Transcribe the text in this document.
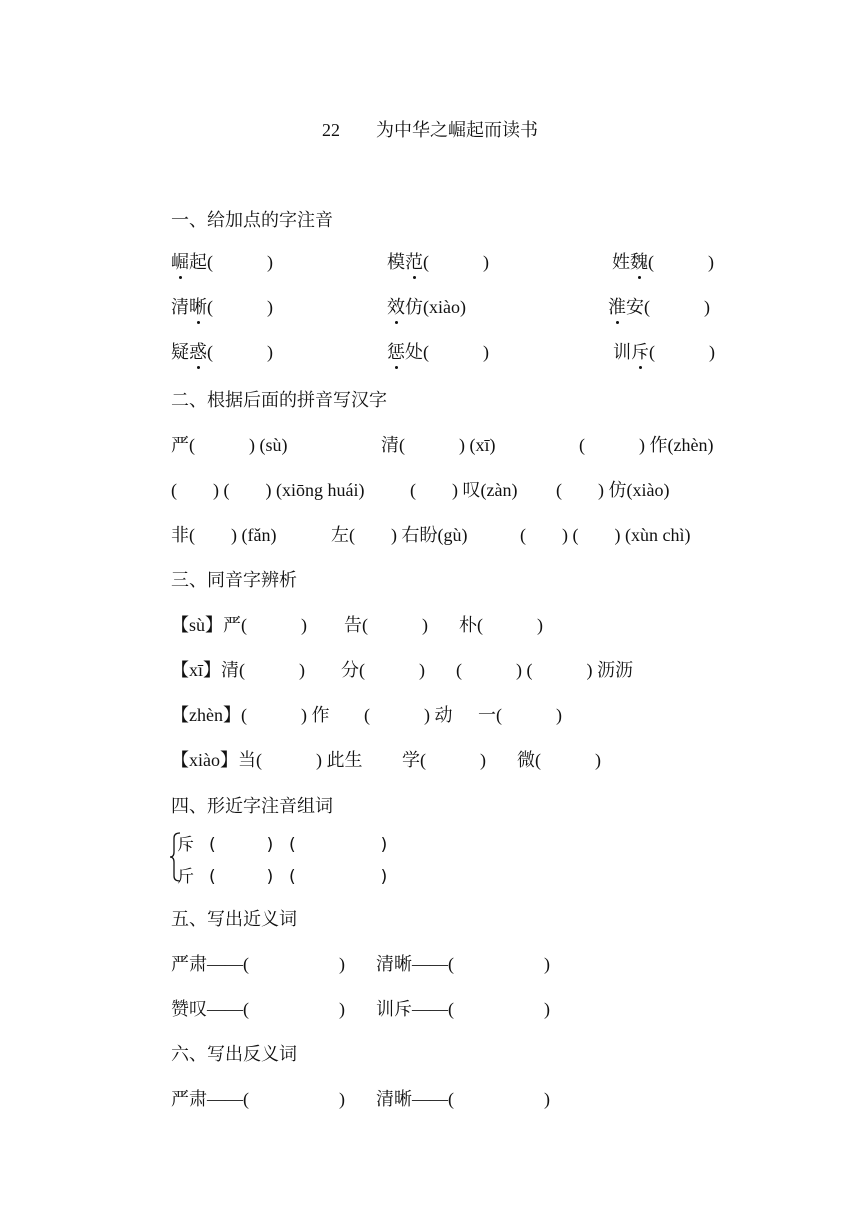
22 为中华之崛起而读书
一、给加点的字注音
崛起(　　　)	模范(　　　)	姓魏(　　　)
清晰(　　　)	效仿(xiào)	淮安(　　　)
疑惑(　　　)	惩处(　　　)	训斥(　　　)
二、根据后面的拼音写汉字
严(　　　) (sù)	清(　　　) (xī)	(　　　) 作(zhèn)
(　　) (　　) (xiōng huái)	(　　) 叹(zàn) (　　) 仿(xiào)
非(　　) (fǎn)	左(　　) 右盼(gù)	(　　) (　　) (xùn chì)
三、同音字辨析
【sù】严(　　　) 告(　　　) 朴(　　　)
【xī】清(　　　) 分(　　　) (　　　) (　　　) 沥沥
【zhèn】(　　　) 作 (　　　) 动 一(　　　)
【xiào】当(　　　) 此生 学(　　　) 微(　　　)
四、形近字注音组词
斥 (　　　) (　　　　　)
斤 (　　　) (　　　　　)
五、写出近义词
严肃——(　　　　　) 清晰——(　　　　　)
赞叹——(　　　　　) 训斥——(　　　　　)
六、写出反义词
严肃——(　　　　　) 清晰——(　　　　　)
